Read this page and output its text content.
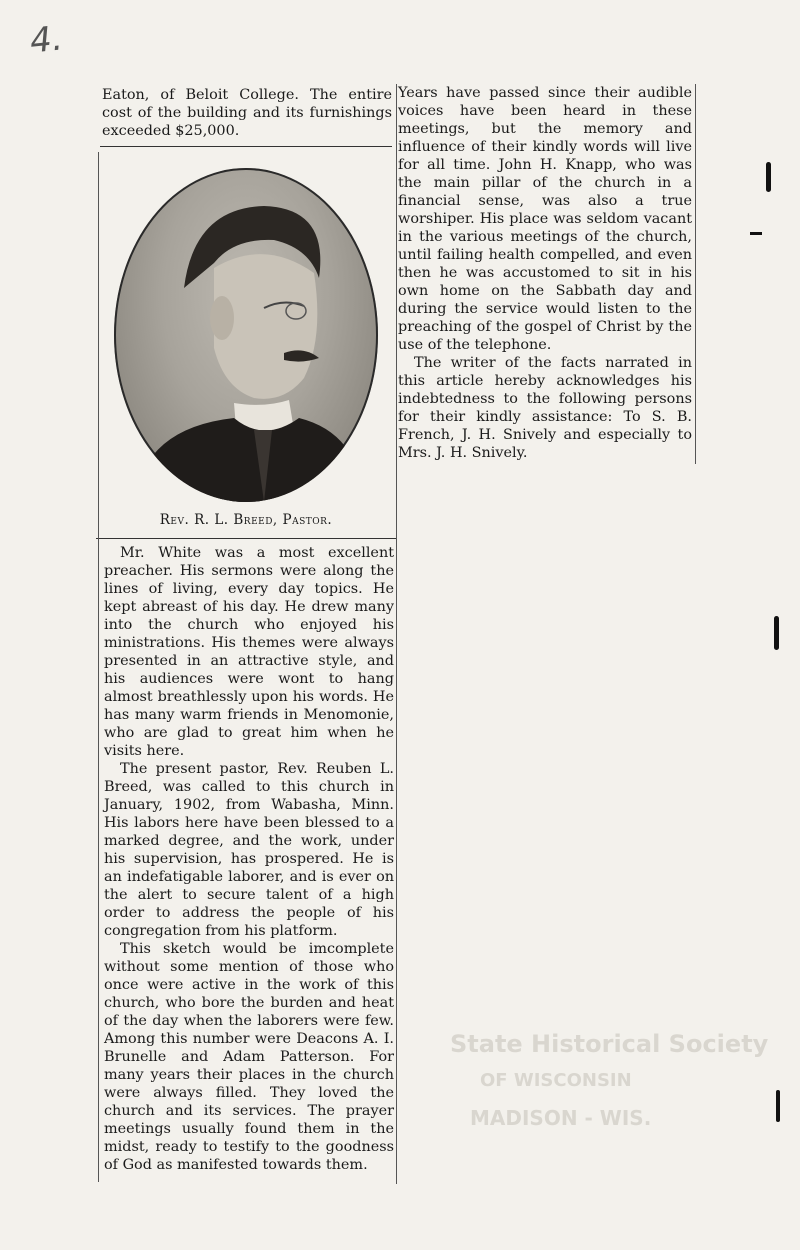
4.

Eaton, of Beloit College. The entire cost of the building and its furnishings exceeded $25,000.

Rev. R. L. Breed, Pastor.

Mr. White was a most excellent preacher. His sermons were along the lines of living, every day topics. He kept abreast of his day. He drew many into the church who enjoyed his ministrations. His themes were always presented in an attractive style, and his audiences were wont to hang almost breathlessly upon his words. He has many warm friends in Menomonie, who are glad to great him when he visits here.

The present pastor, Rev. Reuben L. Breed, was called to this church in January, 1902, from Wabasha, Minn. His labors here have been blessed to a marked degree, and the work, under his supervision, has prospered. He is an indefatigable laborer, and is ever on the alert to secure talent of a high order to address the people of his congregation from his platform.

This sketch would be imcomplete without some mention of those who once were active in the work of this church, who bore the burden and heat of the day when the laborers were few. Among this number were Deacons A. I. Brunelle and Adam Patterson. For many years their places in the church were always filled. They loved the church and its services. The prayer meetings usually found them in the midst, ready to testify to the goodness of God as manifested towards them.

Years have passed since their audible voices have been heard in these meetings, but the memory and influence of their kindly words will live for all time. John H. Knapp, who was the main pillar of the church in a financial sense, was also a true worshiper. His place was seldom vacant in the various meetings of the church, until failing health compelled, and even then he was accustomed to sit in his own home on the Sabbath day and during the service would listen to the preaching of the gospel of Christ by the use of the telephone.

The writer of the facts narrated in this article hereby acknowledges his indebtedness to the following persons for their kindly assistance: To S. B. French, J. H. Snively and especially to Mrs. J. H. Snively.

State Historical Society
OF WISCONSIN
MADISON - WIS.
